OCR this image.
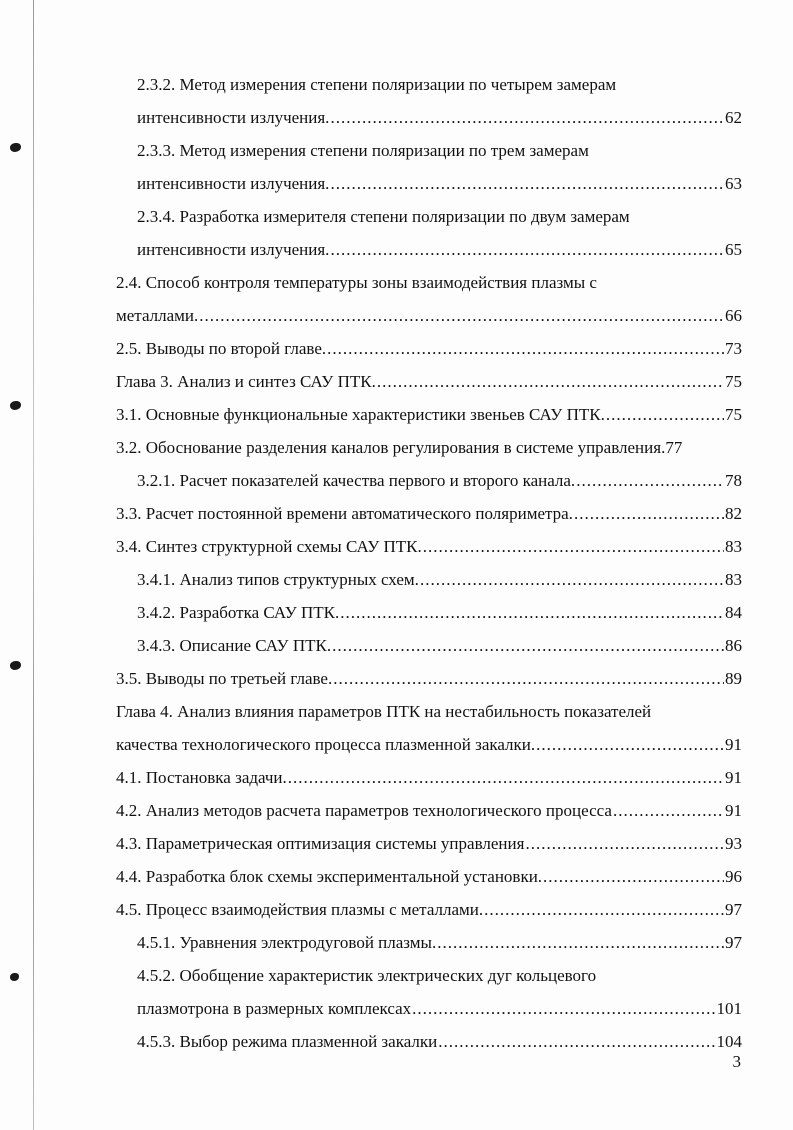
2.3.2. Метод измерения степени поляризации по четырем замерам
интенсивности излучения. .....	62
2.3.3. Метод измерения степени поляризации по трем замерам
интенсивности излучения. .....	63
2.3.4. Разработка измерителя степени поляризации по двум замерам
интенсивности излучения. .....	65
2.4. Способ контроля температуры зоны взаимодействия плазмы с
металлами. .....	66
2.5. Выводы по второй главе. .....	73
Глава 3. Анализ и синтез САУ ПТК. .....	75
3.1. Основные функциональные характеристики звеньев САУ ПТК. .....	75
3.2. Обоснование разделения каналов регулирования в системе управления. 77
3.2.1. Расчет показателей качества первого и второго канала. .....	78
3.3. Расчет постоянной времени автоматического поляриметра. .....	82
3.4. Синтез структурной схемы САУ ПТК. .....	83
3.4.1. Анализ типов структурных схем. .....	83
3.4.2. Разработка САУ ПТК. .....	84
3.4.3. Описание САУ ПТК. .....	86
3.5. Выводы по третьей главе. .....	89
Глава 4. Анализ влияния параметров ПТК на нестабильность показателей
качества технологического процесса плазменной закалки. .....	91
4.1. Постановка задачи. .....	91
4.2. Анализ методов расчета параметров технологического процесса .....	91
4.3. Параметрическая оптимизация системы управления .....	93
4.4. Разработка блок схемы экспериментальной установки. .....	96
4.5. Процесс взаимодействия плазмы с металлами. .....	97
4.5.1. Уравнения электродуговой плазмы. .....	97
4.5.2. Обобщение характеристик электрических дуг кольцевого
плазмотрона в размерных комплексах .....	101
4.5.3. Выбор режима плазменной закалки .....	104
3
